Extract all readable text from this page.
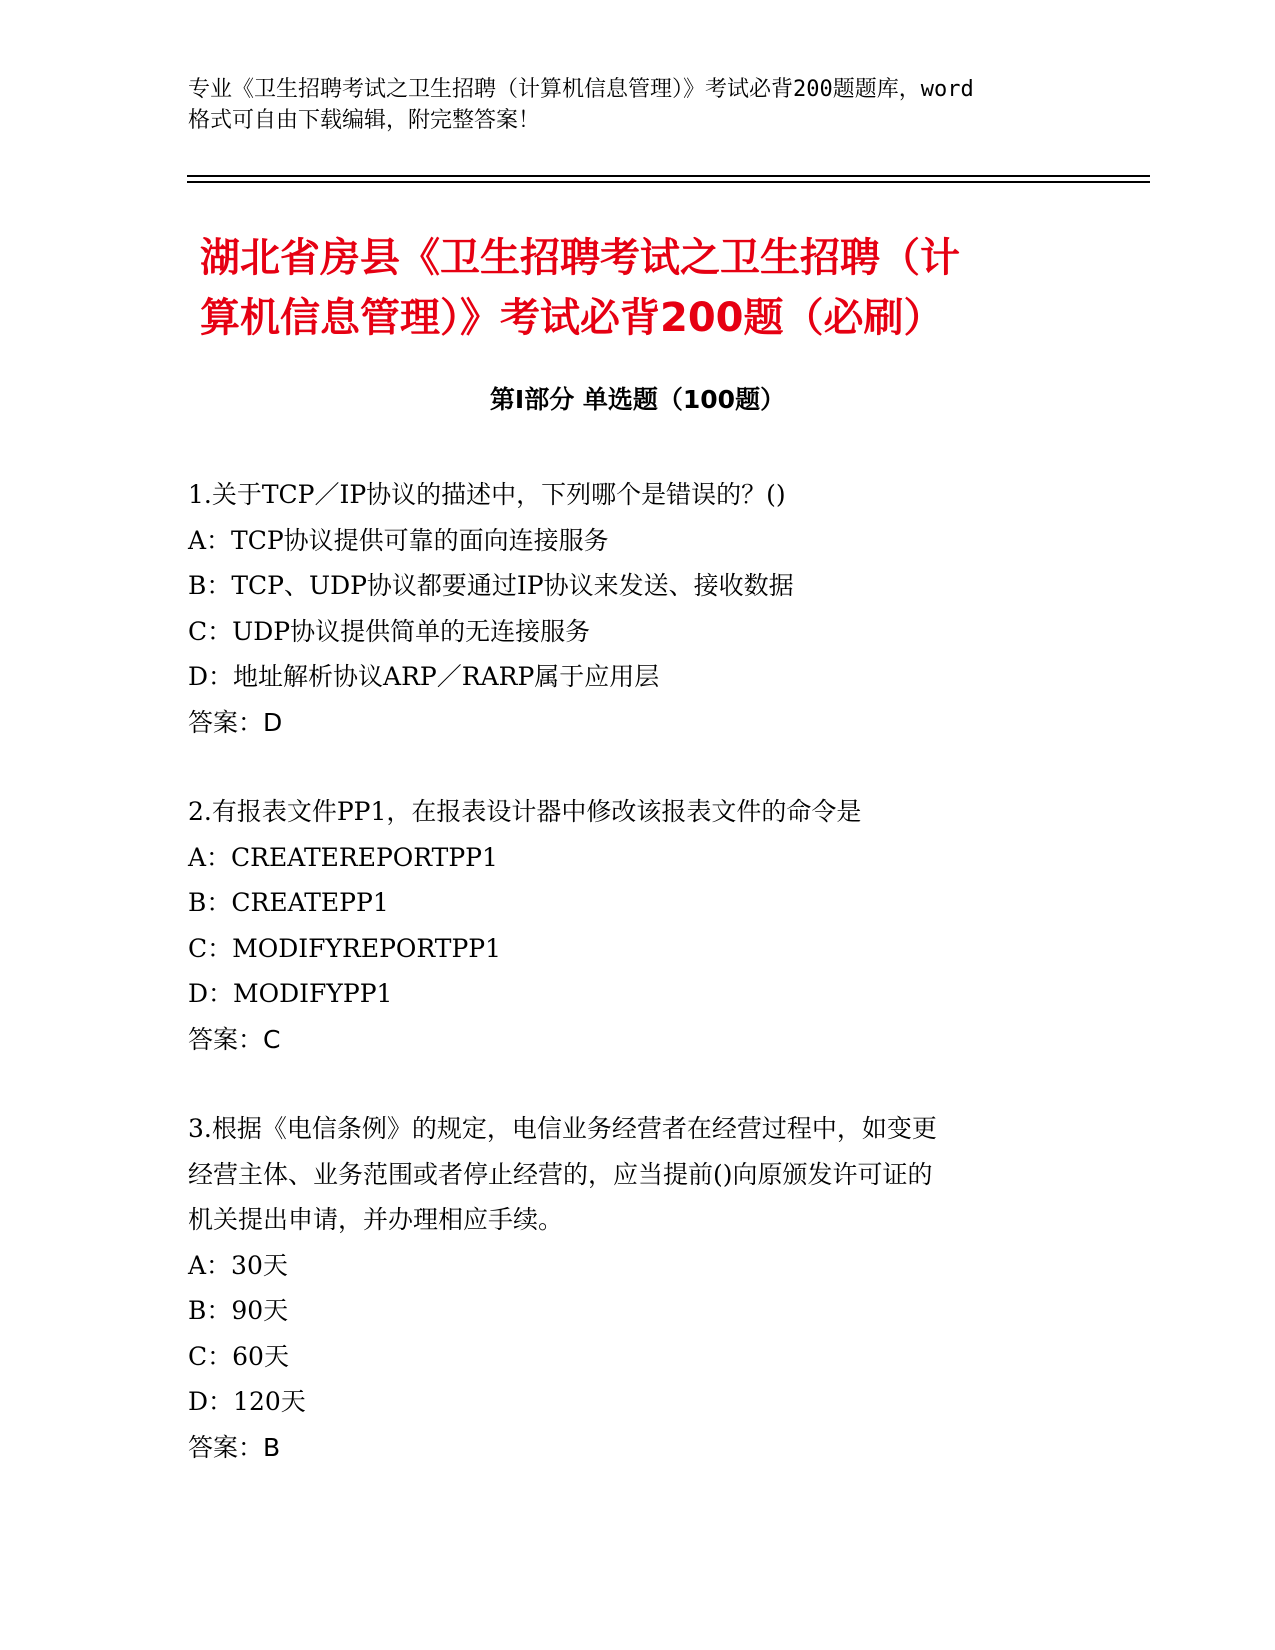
专业《卫生招聘考试之卫生招聘（计算机信息管理）》考试必背200题题库，word
格式可自由下载编辑，附完整答案！
湖北省房县《卫生招聘考试之卫生招聘（计
算机信息管理）》考试必背200题（必刷）
第Ⅰ部分 单选题（100题）
1.关于TCP／IP协议的描述中，下列哪个是错误的？()
A：TCP协议提供可靠的面向连接服务
B：TCP、UDP协议都要通过IP协议来发送、接收数据
C：UDP协议提供简单的无连接服务
D：地址解析协议ARP／RARP属于应用层
答案：D
2.有报表文件PP1，在报表设计器中修改该报表文件的命令是
A：CREATEREPORTPP1
B：CREATEPP1
C：MODIFYREPORTPP1
D：MODIFYPP1
答案：C
3.根据《电信条例》的规定，电信业务经营者在经营过程中，如变更
经营主体、业务范围或者停止经营的，应当提前()向原颁发许可证的
机关提出申请，并办理相应手续。
A：30天
B：90天
C：60天
D：120天
答案：B
